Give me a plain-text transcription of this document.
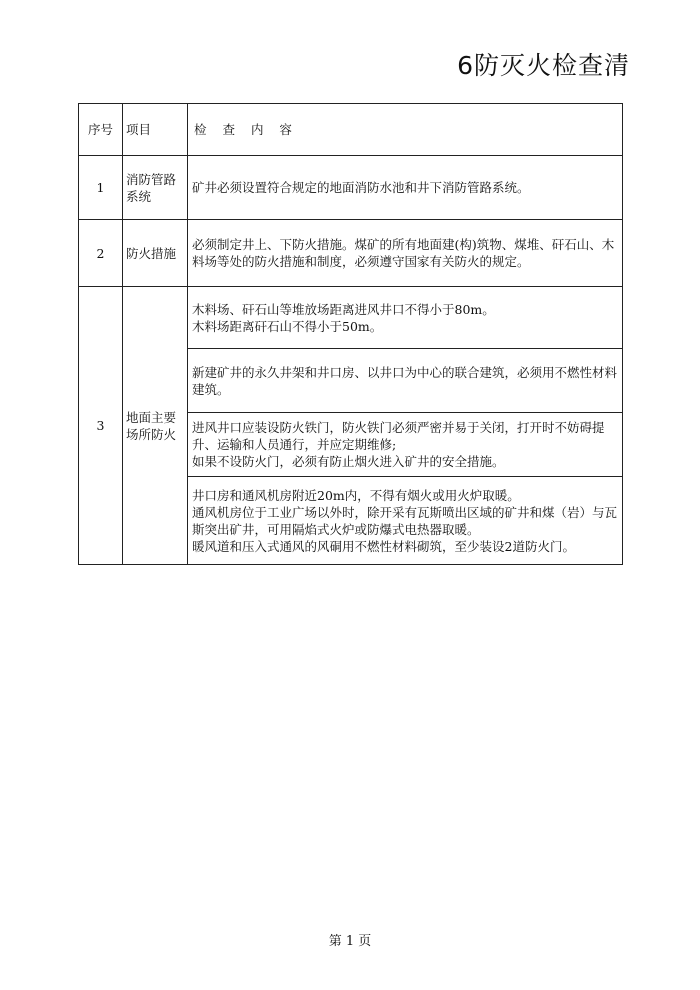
6防灭火检查清
序号	项目	检 查 内 容
1	消防管路系统	矿井必须设置符合规定的地面消防水池和井下消防管路系统。

2	防火措施	必须制定井上、下防火措施。煤矿的所有地面建(构)筑物、煤堆、矸石山、木料场等处的防火措施和制度，必须遵守国家有关防火的规定。

3	地面主要场所防火	木料场、矸石山等堆放场距离进风井口不得小于80m。
木料场距离矸石山不得小于50m。

		新建矿井的永久井架和井口房、以井口为中心的联合建筑，必须用不燃性材料建筑。

		进风井口应装设防火铁门，防火铁门必须严密并易于关闭，打开时不妨碍提升、运输和人员通行，并应定期维修;
如果不设防火门，必须有防止烟火进入矿井的安全措施。

		井口房和通风机房附近20m内，不得有烟火或用火炉取暖。
通风机房位于工业广场以外时，除开采有瓦斯喷出区域的矿井和煤（岩）与瓦斯突出矿井，可用隔焰式火炉或防爆式电热器取暖。
暖风道和压入式通风的风硐用不燃性材料砌筑，至少装设2道防火门。
第 1 页
